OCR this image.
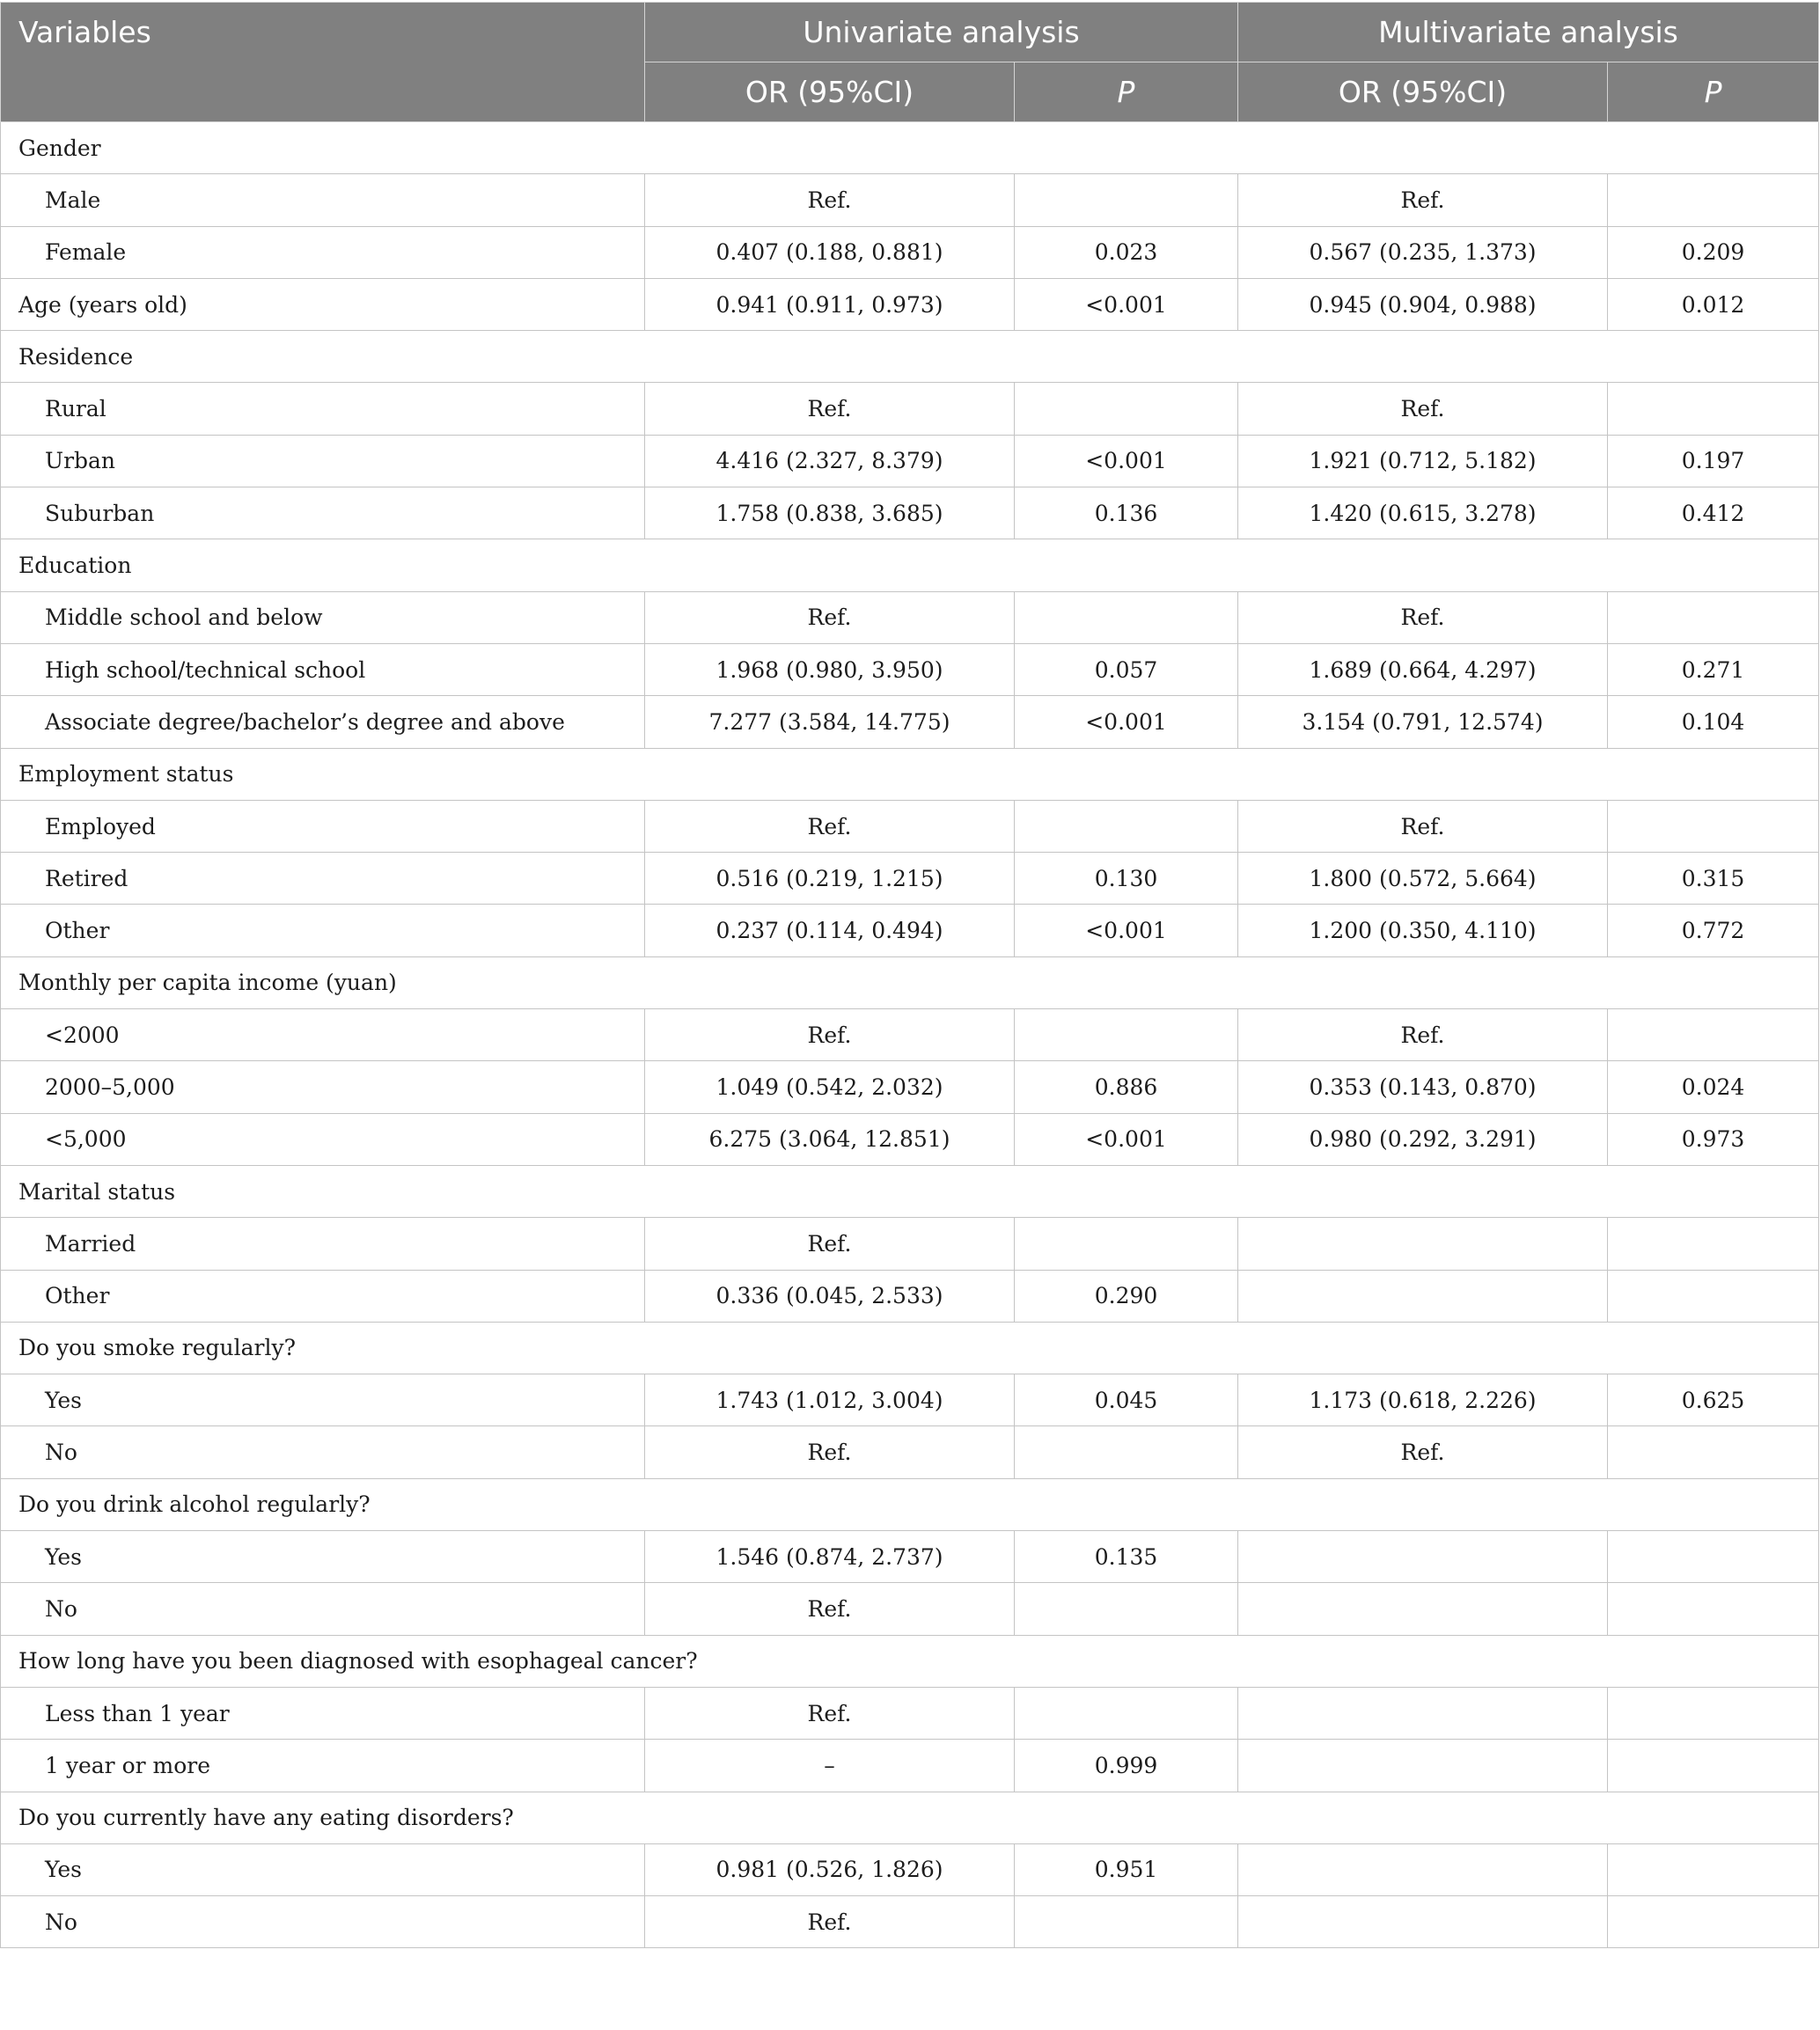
Variables	Univariate analysis		Multivariate analysis	
	OR (95%CI)	P	OR (95%CI)	P
Gender				
Male	Ref.		Ref.	
Female	0.407 (0.188, 0.881)	0.023	0.567 (0.235, 1.373)	0.209
Age (years old)	0.941 (0.911, 0.973)	<0.001	0.945 (0.904, 0.988)	0.012
Residence				
Rural	Ref.		Ref.	
Urban	4.416 (2.327, 8.379)	<0.001	1.921 (0.712, 5.182)	0.197
Suburban	1.758 (0.838, 3.685)	0.136	1.420 (0.615, 3.278)	0.412
Education				
Middle school and below	Ref.		Ref.	
High school/technical school	1.968 (0.980, 3.950)	0.057	1.689 (0.664, 4.297)	0.271
Associate degree/bachelor’s degree and above	7.277 (3.584, 14.775)	<0.001	3.154 (0.791, 12.574)	0.104
Employment status				
Employed	Ref.		Ref.	
Retired	0.516 (0.219, 1.215)	0.130	1.800 (0.572, 5.664)	0.315
Other	0.237 (0.114, 0.494)	<0.001	1.200 (0.350, 4.110)	0.772
Monthly per capita income (yuan)				
<2000	Ref.		Ref.	
2000–5,000	1.049 (0.542, 2.032)	0.886	0.353 (0.143, 0.870)	0.024
<5,000	6.275 (3.064, 12.851)	<0.001	0.980 (0.292, 3.291)	0.973
Marital status				
Married	Ref.			
Other	0.336 (0.045, 2.533)	0.290		
Do you smoke regularly?				
Yes	1.743 (1.012, 3.004)	0.045	1.173 (0.618, 2.226)	0.625
No	Ref.		Ref.	
Do you drink alcohol regularly?				
Yes	1.546 (0.874, 2.737)	0.135		
No	Ref.			
How long have you been diagnosed with esophageal cancer?				
Less than 1 year	Ref.			
1 year or more	–	0.999		
Do you currently have any eating disorders?				
Yes	0.981 (0.526, 1.826)	0.951		
No	Ref.			
